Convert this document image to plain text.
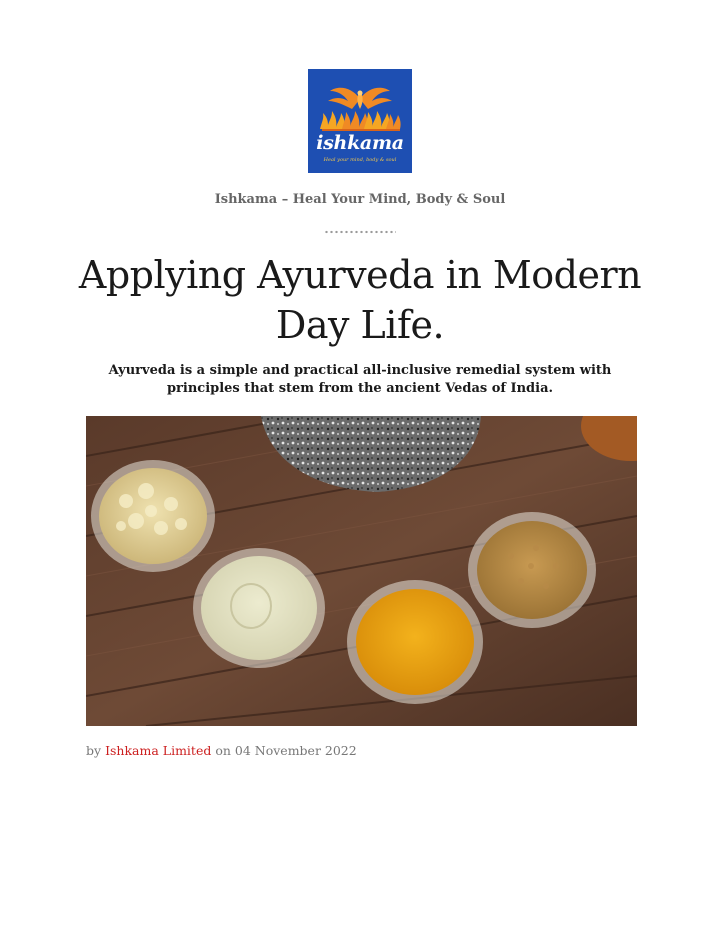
ishkama
Heal your mind, body & soul
Ishkama – Heal Your Mind, Body & Soul
Applying Ayurveda in Modern Day Life.

Ayurveda is a simple and practical all-inclusive remedial system with principles that stem from the ancient Vedas of India.

by Ishkama Limited on 04 November 2022
